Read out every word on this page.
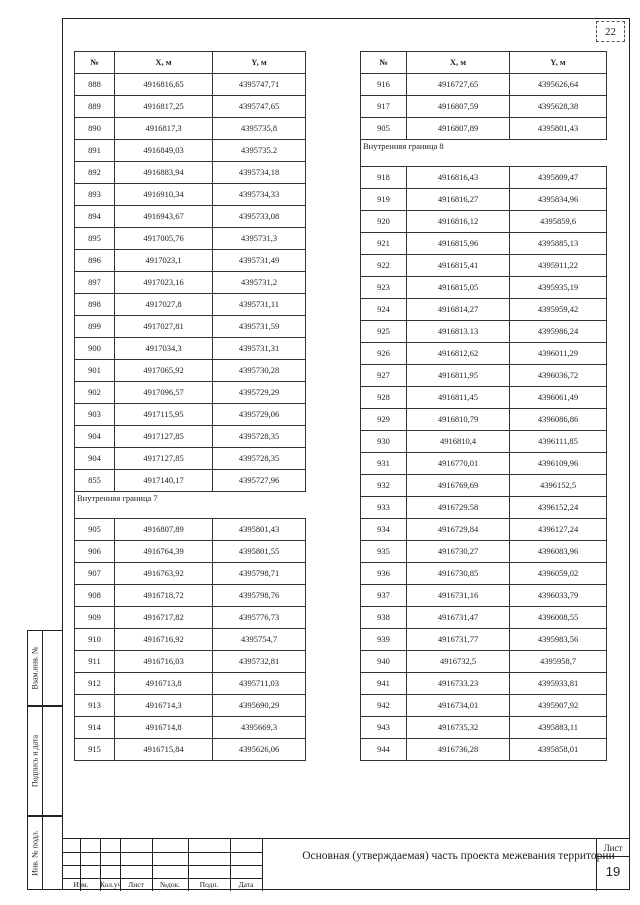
22
№	X, м	Y, м
888	4916816,65	4395747,71
889	4916817,25	4395747,65
890	4916817,3	4395735,8
891	4916849,03	4395735.2
892	4916883,94	4395734,18
893	4916910,34	4395734,33
894	4916943,67	4395733,08
895	4917005,76	4395731,3
896	4917023,1	4395731,49
897	4917023,16	4395731,2
898	4917027,8	4395731,11
899	4917027,81	4395731,59
900	4917034,3	4395731,31
901	4917065,92	4395730,28
902	4917096,57	4395729,29
903	4917115,95	4395729,06
904	4917127,85	4395728,35
904	4917127,85	4395728,35
855	4917140,17	4395727,96
Внутренняя граница 7		
905	4916807,89	4395801,43
906	4916764,39	4395801,55
907	4916763,92	4395798,71
908	4916718,72	4395798,76
909	4916717,82	4395776,73
910	4916716,92	4395754,7
911	4916716,03	4395732,81
912	4916713,8	4395711,03
913	4916714,3	4395690,29
914	4916714,8	4395669,3
915	4916715,84	4395626,06
№	X, м	Y, м
916	4916727,65	4395626,64
917	4916807,59	4395628,38
905	4916807,89	4395801,43
Внутренняя граница 8		
918	4916816,43	4395809,47
919	4916816,27	4395834,96
920	4916816,12	4395859,6
921	4916815,96	4395885,13
922	4916815,41	4395911,22
923	4916815,05	4395935,19
924	4916814,27	4395959,42
925	4916813.13	4395986,24
926	4916812,62	4396011,29
927	4916811,95	4396036,72
928	4916811,45	4396061,49
929	4916810,79	4396086,86
930	4916810,4	4396111,85
931	4916770,01	4396109,96
932	4916769,69	4396152,5
933	4916729.58	4396152,24
934	4916729,84	4396127,24
935	4916730,27	4396083,96
936	4916730,85	4396059,02
937	4916731,16	4396033,79
938	4916731,47	4396008,55
939	4916731,77	4395983,56
940	4916732,5	4395958,7
941	4916733.23	4395933,81
942	4916734,01	4395907,92
943	4916735,32	4395883,11
944	4916736,28	4395858,01
Взам.инв. №
Подпись и дата
Инв. № подл.
Изм.	Кол.уч Лист	№док.	Подп.	Дата
Основная (утверждаемая) часть проекта межевания территории
Лист
19
